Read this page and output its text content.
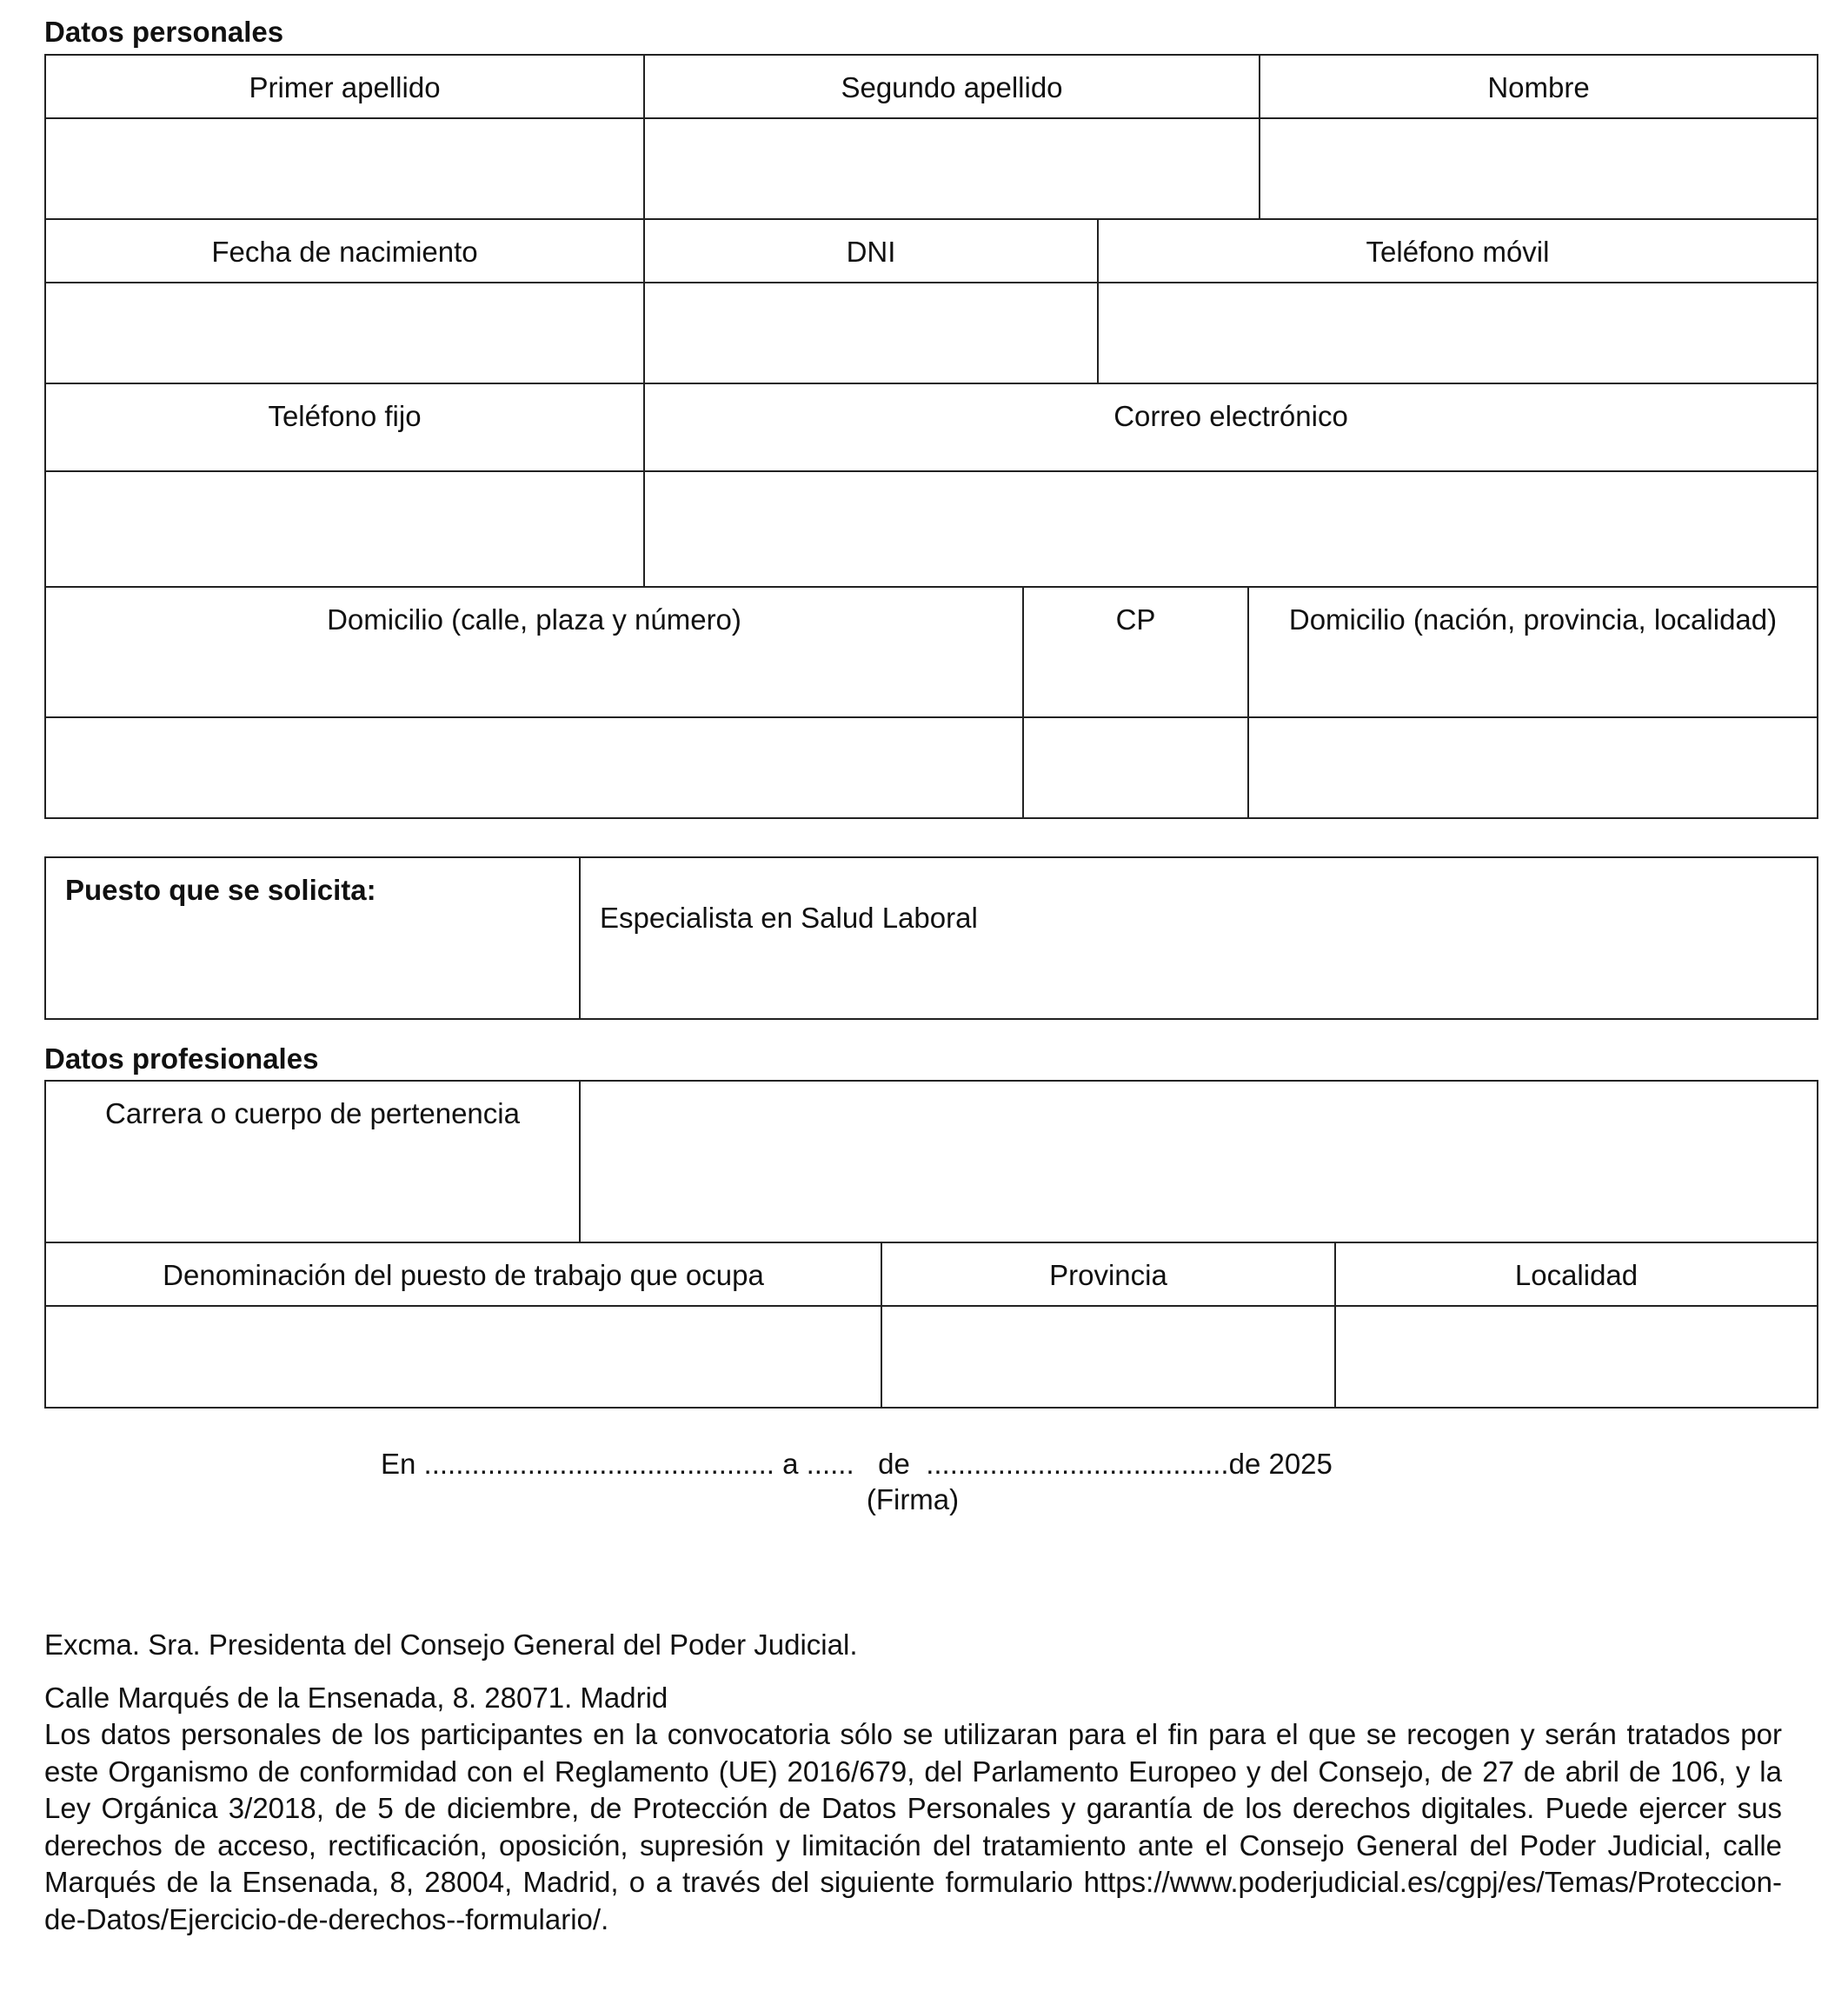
Datos personales
Primer apellido	Segundo apellido	Nombre
Fecha de nacimiento	DNI	Teléfono móvil
Teléfono fijo	Correo electrónico
Domicilio (calle, plaza y número)	CP	Domicilio (nación, provincia, localidad)
Puesto que se solicita:
Especialista en Salud Laboral
Datos profesionales
Carrera o cuerpo de pertenencia
Denominación del puesto de trabajo que ocupa	Provincia	Localidad
En ............................................ a ......   de  ......................................de 2025
(Firma)
Excma. Sra. Presidenta del Consejo General del Poder Judicial.
Calle Marqués de la Ensenada, 8. 28071. Madrid
Los datos personales de los participantes en la convocatoria sólo se utilizaran para el fin para el que se recogen y serán tratados por este Organismo de conformidad con el Reglamento (UE) 2016/679, del Parlamento Europeo y del Consejo, de 27 de abril de 106, y la Ley Orgánica 3/2018, de 5 de diciembre, de Protección de Datos Personales y garantía de los derechos digitales. Puede ejercer sus derechos de acceso, rectificación, oposición, supresión y limitación del tratamiento ante el Consejo General del Poder Judicial, calle Marqués de la Ensenada, 8, 28004, Madrid, o a través del siguiente formulario https://www.poderjudicial.es/cgpj/es/Temas/Proteccion-de-Datos/Ejercicio-de-derechos--formulario/.
